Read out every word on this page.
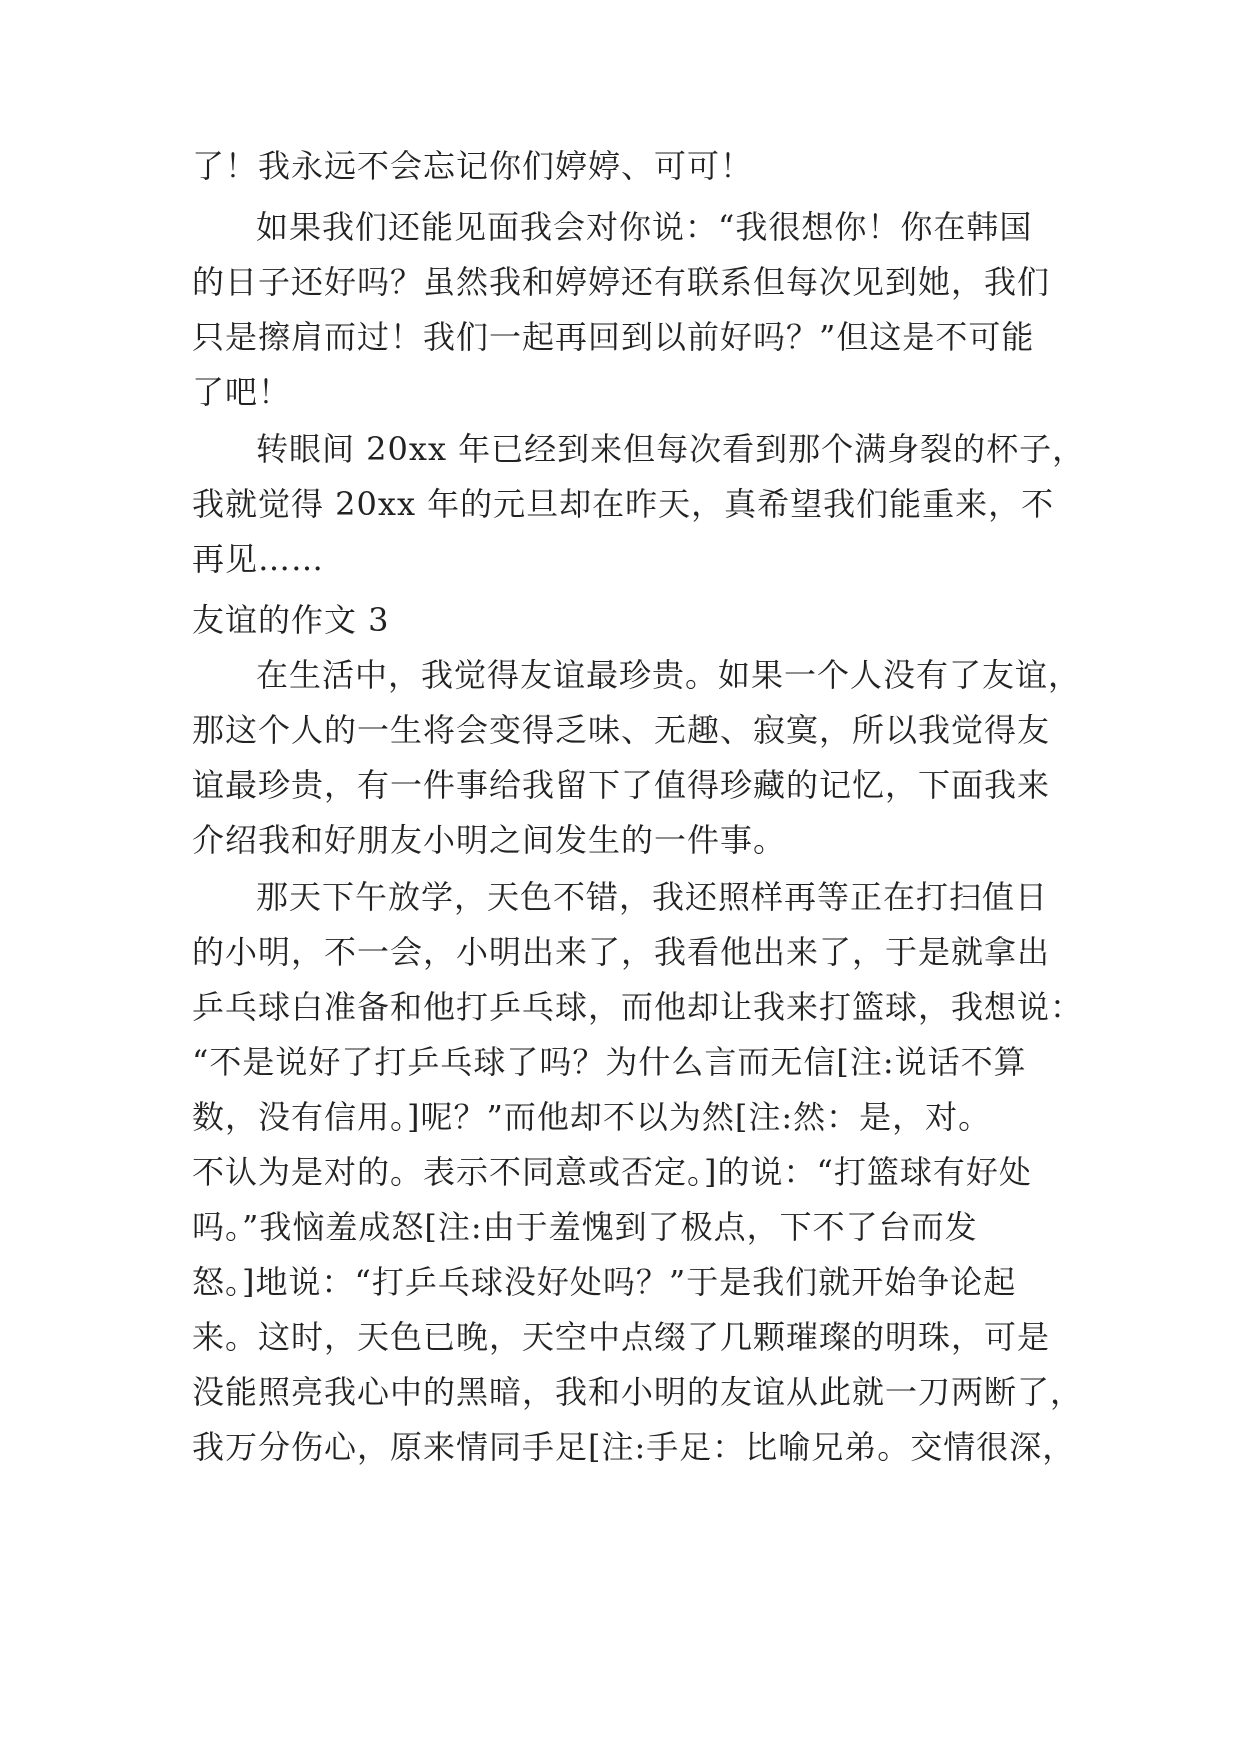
了！我永远不会忘记你们婷婷、可可！
如果我们还能见面我会对你说：“我很想你！你在韩国
的日子还好吗？虽然我和婷婷还有联系但每次见到她，我们
只是擦肩而过！我们一起再回到以前好吗？”但这是不可能
了吧！
转眼间 20xx 年已经到来但每次看到那个满身裂的杯子，
我就觉得 20xx 年的元旦却在昨天，真希望我们能重来，不
再见……
友谊的作文 3
在生活中，我觉得友谊最珍贵。如果一个人没有了友谊，
那这个人的一生将会变得乏味、无趣、寂寞，所以我觉得友
谊最珍贵，有一件事给我留下了值得珍藏的记忆，下面我来
介绍我和好朋友小明之间发生的一件事。
那天下午放学，天色不错，我还照样再等正在打扫值日
的小明，不一会，小明出来了，我看他出来了，于是就拿出
乒乓球白准备和他打乒乓球，而他却让我来打篮球，我想说：
“不是说好了打乒乓球了吗？为什么言而无信[注:说话不算
数，没有信用。]呢？”而他却不以为然[注:然：是，对。
不认为是对的。表示不同意或否定。]的说：“打篮球有好处
吗。”我恼羞成怒[注:由于羞愧到了极点，下不了台而发
怒。]地说：“打乒乓球没好处吗？”于是我们就开始争论起
来。这时，天色已晚，天空中点缀了几颗璀璨的明珠，可是
没能照亮我心中的黑暗，我和小明的友谊从此就一刀两断了，
我万分伤心，原来情同手足[注:手足：比喻兄弟。交情很深，
